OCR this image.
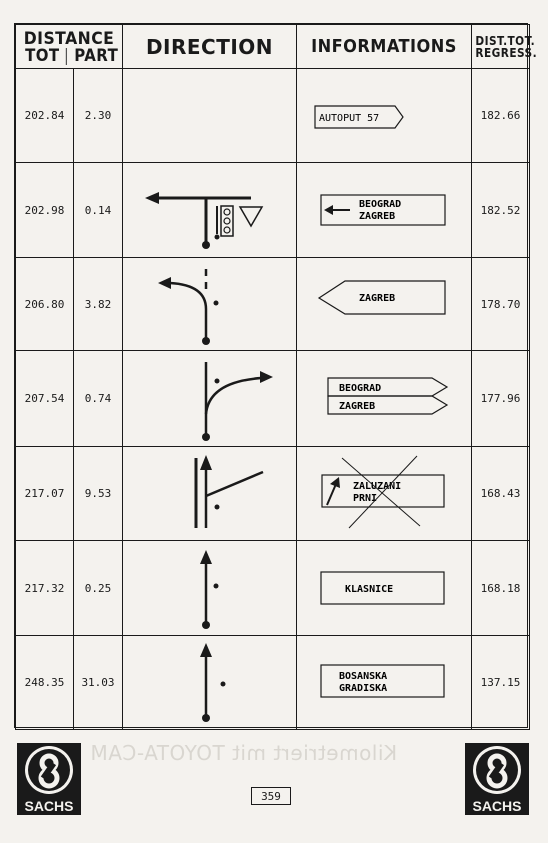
Kilometriert mit TOYOTA-CAM
DISTANCE
TOT PART		DIRECTION	INFORMATIONS	DIST.TOT.
REGRESS.

202.84	2.30		AUTOPUT 57	182.66
202.98	0.14		BEOGRAD
ZAGREB	182.52
206.80	3.82		ZAGREB	178.70
207.54	0.74		BEOGRAD
ZAGREB	177.96
217.07	9.53		ZALUZANI
PRNI	168.43
217.32	0.25		KLASNICE	168.18
248.35	31.03		BOSANSKA
GRADISKA	137.15
SACHS
359
SACHS
